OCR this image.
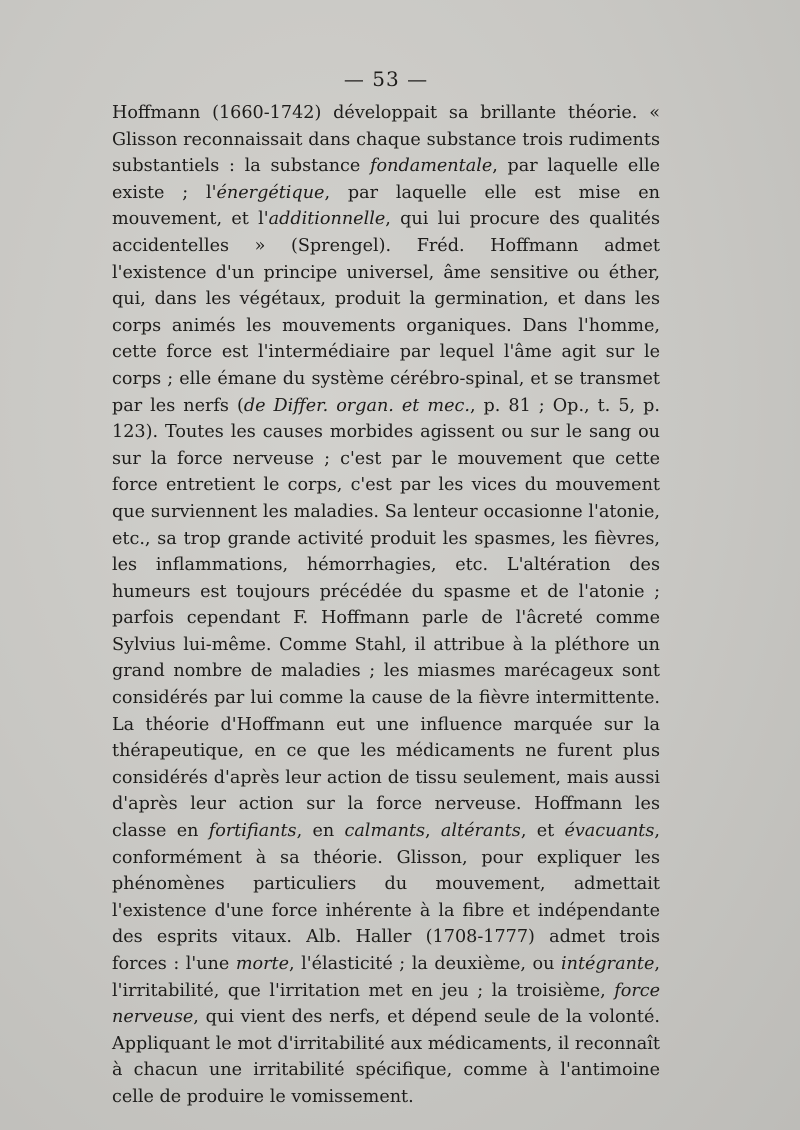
— 53 —

Hoffmann (1660-1742) développait sa brillante théorie. « Glisson reconnaissait dans chaque substance trois rudiments substantiels : la substance fondamentale, par laquelle elle existe ; l'énergétique, par laquelle elle est mise en mouvement, et l'additionnelle, qui lui procure des qualités accidentelles » (Sprengel). Fréd. Hoffmann admet l'existence d'un principe universel, âme sensitive ou éther, qui, dans les végétaux, produit la germination, et dans les corps animés les mouvements organiques. Dans l'homme, cette force est l'intermédiaire par lequel l'âme agit sur le corps ; elle émane du système cérébro-spinal, et se transmet par les nerfs (de Differ. organ. et mec., p. 81 ; Op., t. 5, p. 123). Toutes les causes morbides agissent ou sur le sang ou sur la force nerveuse ; c'est par le mouvement que cette force entretient le corps, c'est par les vices du mouvement que surviennent les maladies. Sa lenteur occasionne l'atonie, etc., sa trop grande activité produit les spasmes, les fièvres, les inflammations, hémorrhagies, etc. L'altération des humeurs est toujours précédée du spasme et de l'atonie ; parfois cependant F. Hoffmann parle de l'âcreté comme Sylvius lui-même. Comme Stahl, il attribue à la pléthore un grand nombre de maladies ; les miasmes marécageux sont considérés par lui comme la cause de la fièvre intermittente. La théorie d'Hoffmann eut une influence marquée sur la thérapeutique, en ce que les médicaments ne furent plus considérés d'après leur action de tissu seulement, mais aussi d'après leur action sur la force nerveuse. Hoffmann les classe en fortifiants, en calmants, altérants, et évacuants, conformément à sa théorie. Glisson, pour expliquer les phénomènes particuliers du mouvement, admettait l'existence d'une force inhérente à la fibre et indépendante des esprits vitaux. Alb. Haller (1708-1777) admet trois forces : l'une morte, l'élasticité ; la deuxième, ou intégrante, l'irritabilité, que l'irritation met en jeu ; la troisième, force nerveuse, qui vient des nerfs, et dépend seule de la volonté. Appliquant le mot d'irritabilité aux médicaments, il reconnaît à chacun une irritabilité spécifique, comme à l'antimoine celle de produire le vomissement.
